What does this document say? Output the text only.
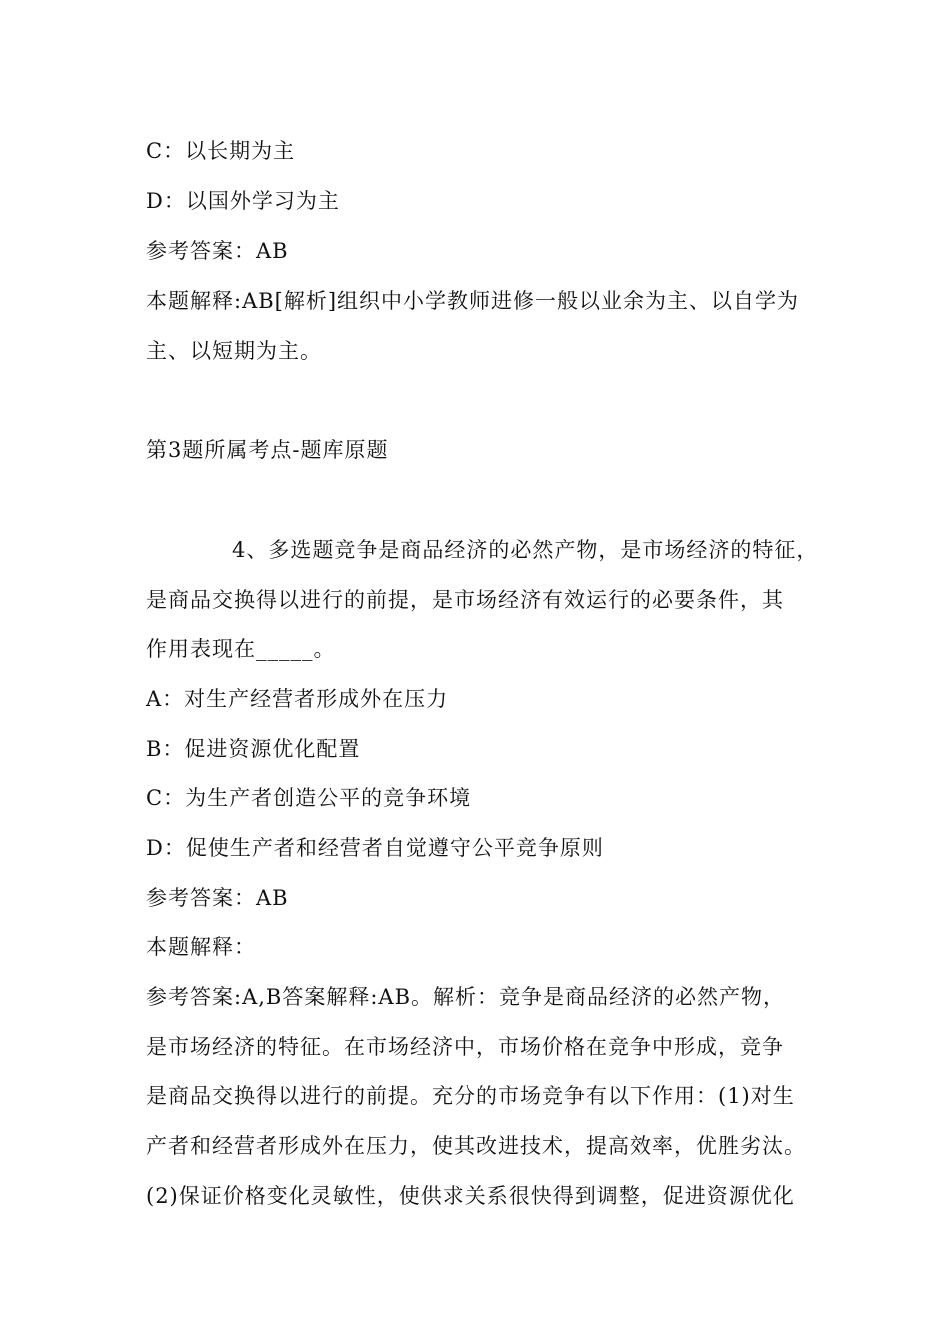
C：以长期为主
D：以国外学习为主
参考答案：AB
本题解释:AB[解析]组织中小学教师进修一般以业余为主、以自学为
主、以短期为主。
第3题所属考点-题库原题
4、多选题竞争是商品经济的必然产物，是市场经济的特征，
是商品交换得以进行的前提，是市场经济有效运行的必要条件，其
作用表现在_____。
A：对生产经营者形成外在压力
B：促进资源优化配置
C：为生产者创造公平的竞争环境
D：促使生产者和经营者自觉遵守公平竞争原则
参考答案：AB
本题解释：
参考答案:A,B答案解释:AB。解析：竞争是商品经济的必然产物，
是市场经济的特征。在市场经济中，市场价格在竞争中形成，竞争
是商品交换得以进行的前提。充分的市场竞争有以下作用：(1)对生
产者和经营者形成外在压力，使其改进技术，提高效率，优胜劣汰。
(2)保证价格变化灵敏性，使供求关系很快得到调整，促进资源优化
